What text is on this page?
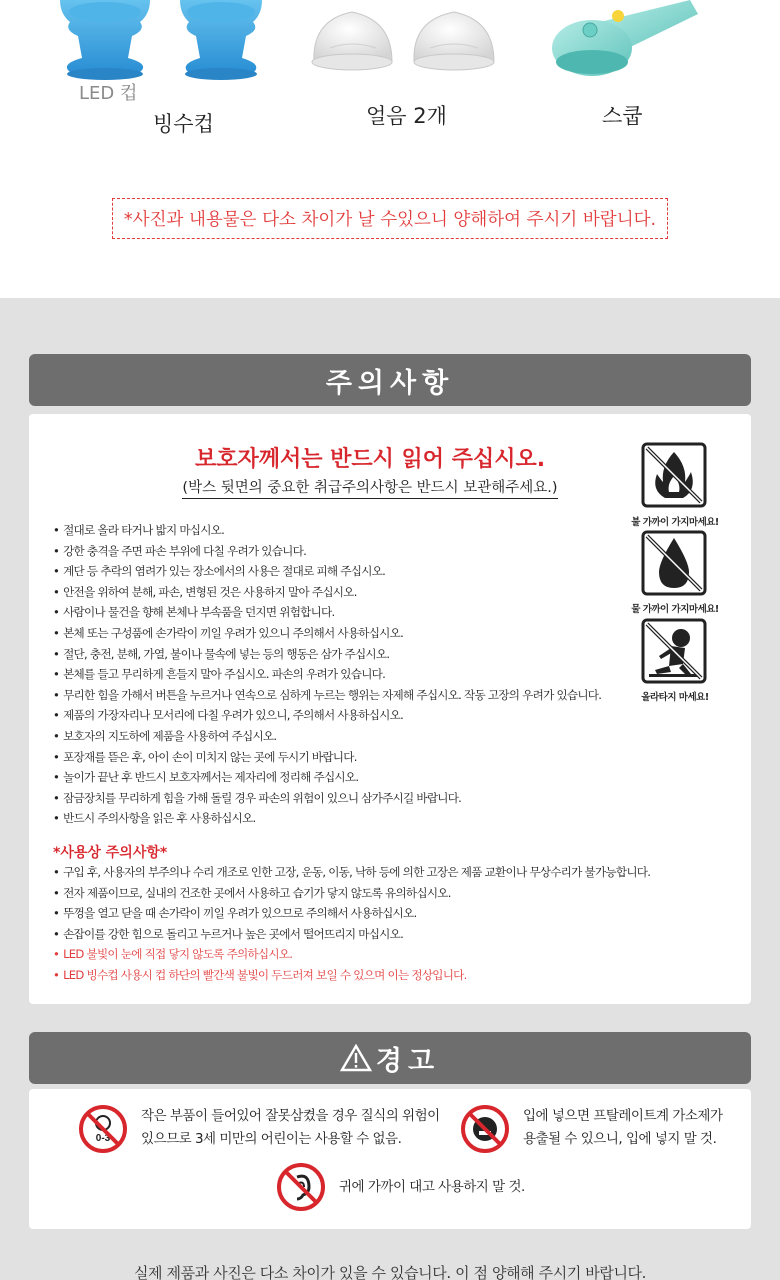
LED 컵
빙수컵	얼음 2개	스쿱
*사진과 내용물은 다소 차이가 날 수있으니 양해하여 주시기 바랍니다.
주의사항
보호자께서는 반드시 읽어 주십시오.
(박스 뒷면의 중요한 취급주의사항은 반드시 보관해주세요.)
• 절대로 올라 타거나 밟지 마십시오.
• 강한 충격을 주면 파손 부위에 다칠 우려가 있습니다.
• 계단 등 추락의 염려가 있는 장소에서의 사용은 절대로 피해 주십시오.
• 안전을 위하여 분해, 파손, 변형된 것은 사용하지 말아 주십시오.
• 사람이나 물건을 향해 본체나 부속품을 던지면 위험합니다.
• 본체 또는 구성품에 손가락이 끼일 우려가 있으니 주의해서 사용하십시오.
• 절단, 충전, 분해, 가열, 불이나 물속에 넣는 등의 행동은 삼가 주십시오.
• 본체를 들고 무리하게 흔들지 말아 주십시오. 파손의 우려가 있습니다.
• 무리한 힘을 가해서 버튼을 누르거나 연속으로 심하게 누르는 행위는 자제해 주십시오. 작동 고장의 우려가 있습니다.
• 제품의 가장자리나 모서리에 다칠 우려가 있으니, 주의해서 사용하십시오.
• 보호자의 지도하에 제품을 사용하여 주십시오.
• 포장재를 뜯은 후, 아이 손이 미치지 않는 곳에 두시기 바랍니다.
• 놀이가 끝난 후 반드시 보호자께서는 제자리에 정리해 주십시오.
• 잠금장치를 무리하게 힘을 가해 돌릴 경우 파손의 위험이 있으니 삼가주시길 바랍니다.
• 반드시 주의사항을 읽은 후 사용하십시오.
*사용상 주의사항*
• 구입 후, 사용자의 부주의나 수리 개조로 인한 고장, 운동, 이동, 낙하 등에 의한 고장은 제품 교환이나 무상수리가 불가능합니다.
• 전자 제품이므로, 실내의 건조한 곳에서 사용하고 습기가 닿지 않도록 유의하십시오.
• 뚜껑을 열고 닫을 때 손가락이 끼일 우려가 있으므로 주의해서 사용하십시오.
• 손잡이를 강한 힘으로 돌리고 누르거나 높은 곳에서 떨어뜨리지 마십시오.
• LED 불빛이 눈에 직접 닿지 않도록 주의하십시오.
• LED 빙수컵 사용시 컵 하단의 빨간색 불빛이 두드러져 보일 수 있으며 이는 정상입니다.
불 가까이 가지마세요!
물 가까이 가지마세요!
올라타지 마세요!
경고
0-3
작은 부품이 들어있어 잘못삼켰을 경우 질식의 위험이
있으므로 3세 미만의 어린이는 사용할 수 없음.
입에 넣으면 프탈레이트계 가소제가
용출될 수 있으니, 입에 넣지 말 것.
귀에 가까이 대고 사용하지 말 것.
실제 제품과 사진은 다소 차이가 있을 수 있습니다. 이 점 양해해 주시기 바랍니다.
